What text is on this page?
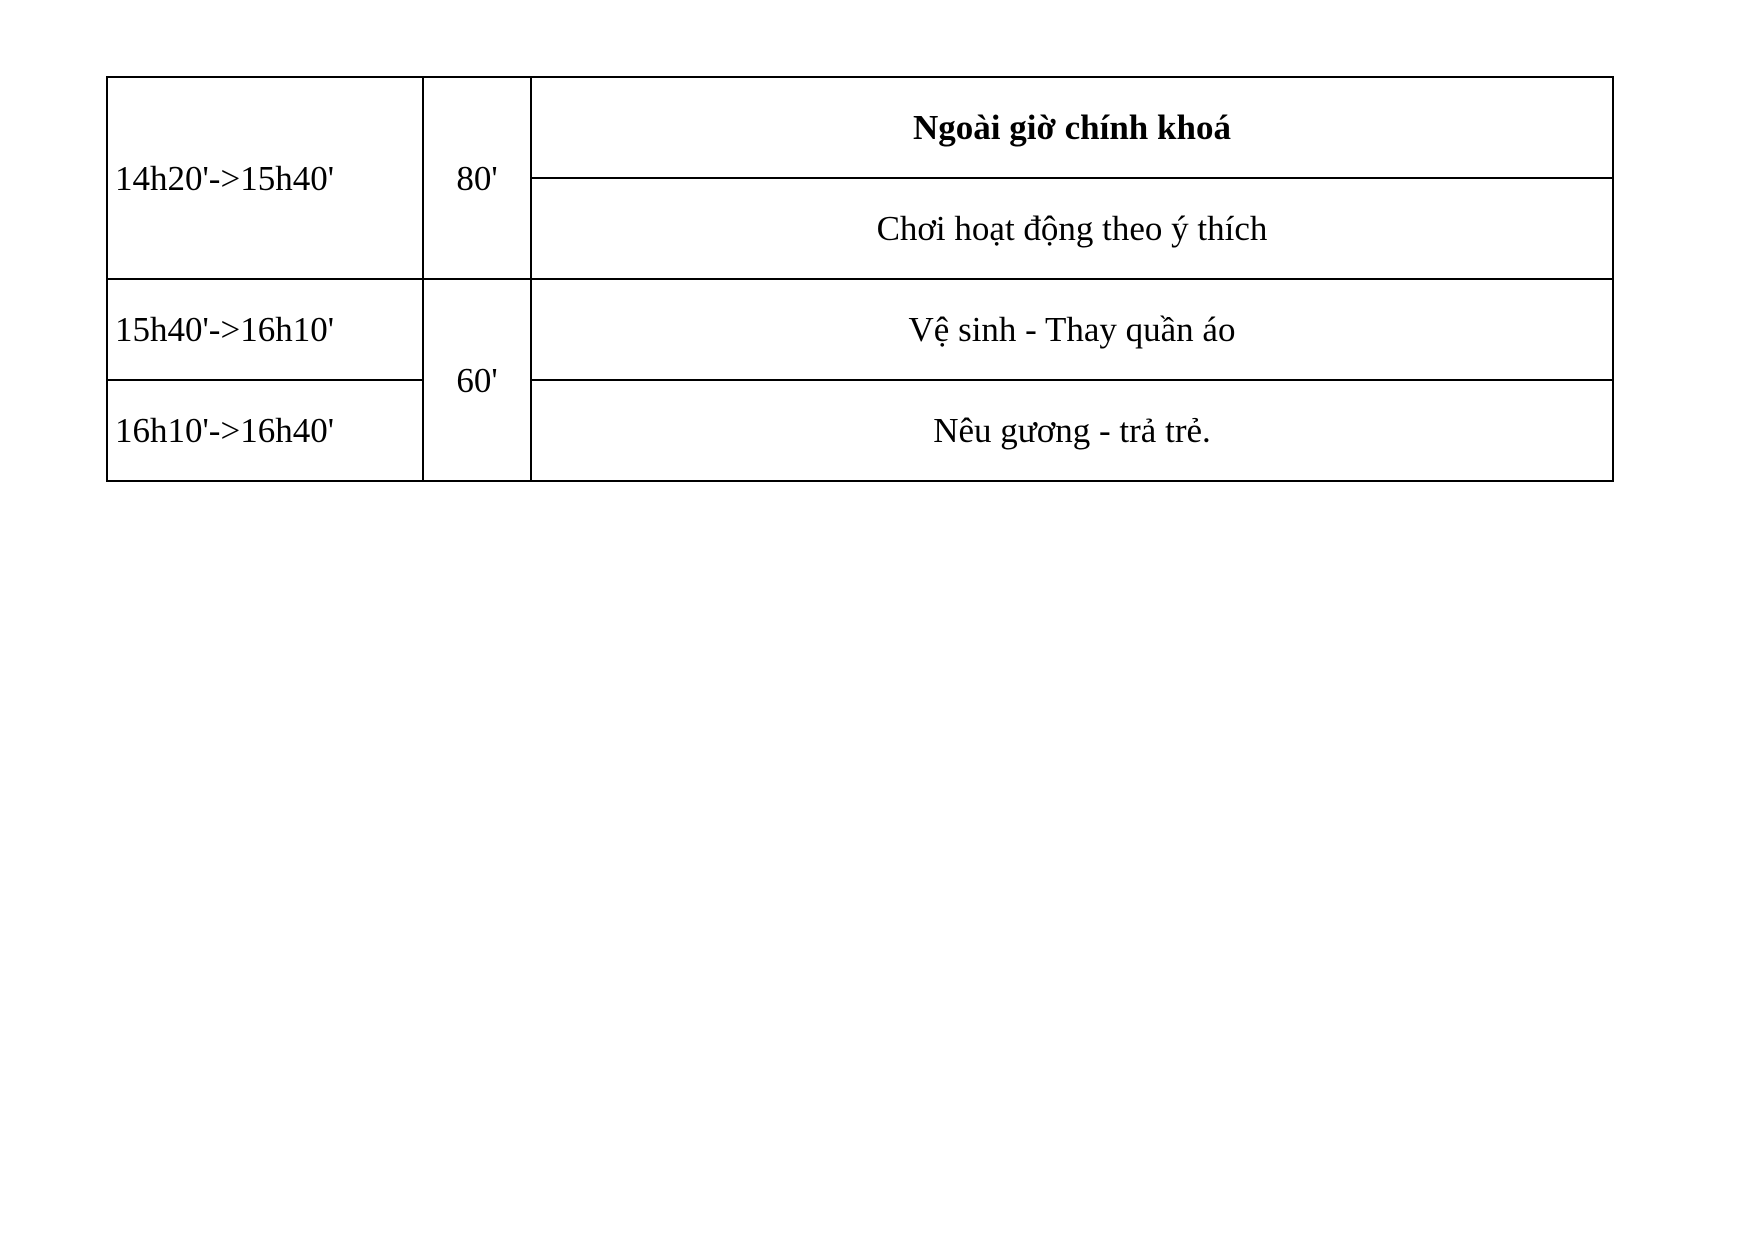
14h20'->15h40'	80'	Ngoài giờ chính khoá
		Chơi hoạt động theo ý thích
15h40'->16h10'	60'	Vệ sinh - Thay quần áo
16h10'->16h40'		Nêu gương - trả trẻ.
